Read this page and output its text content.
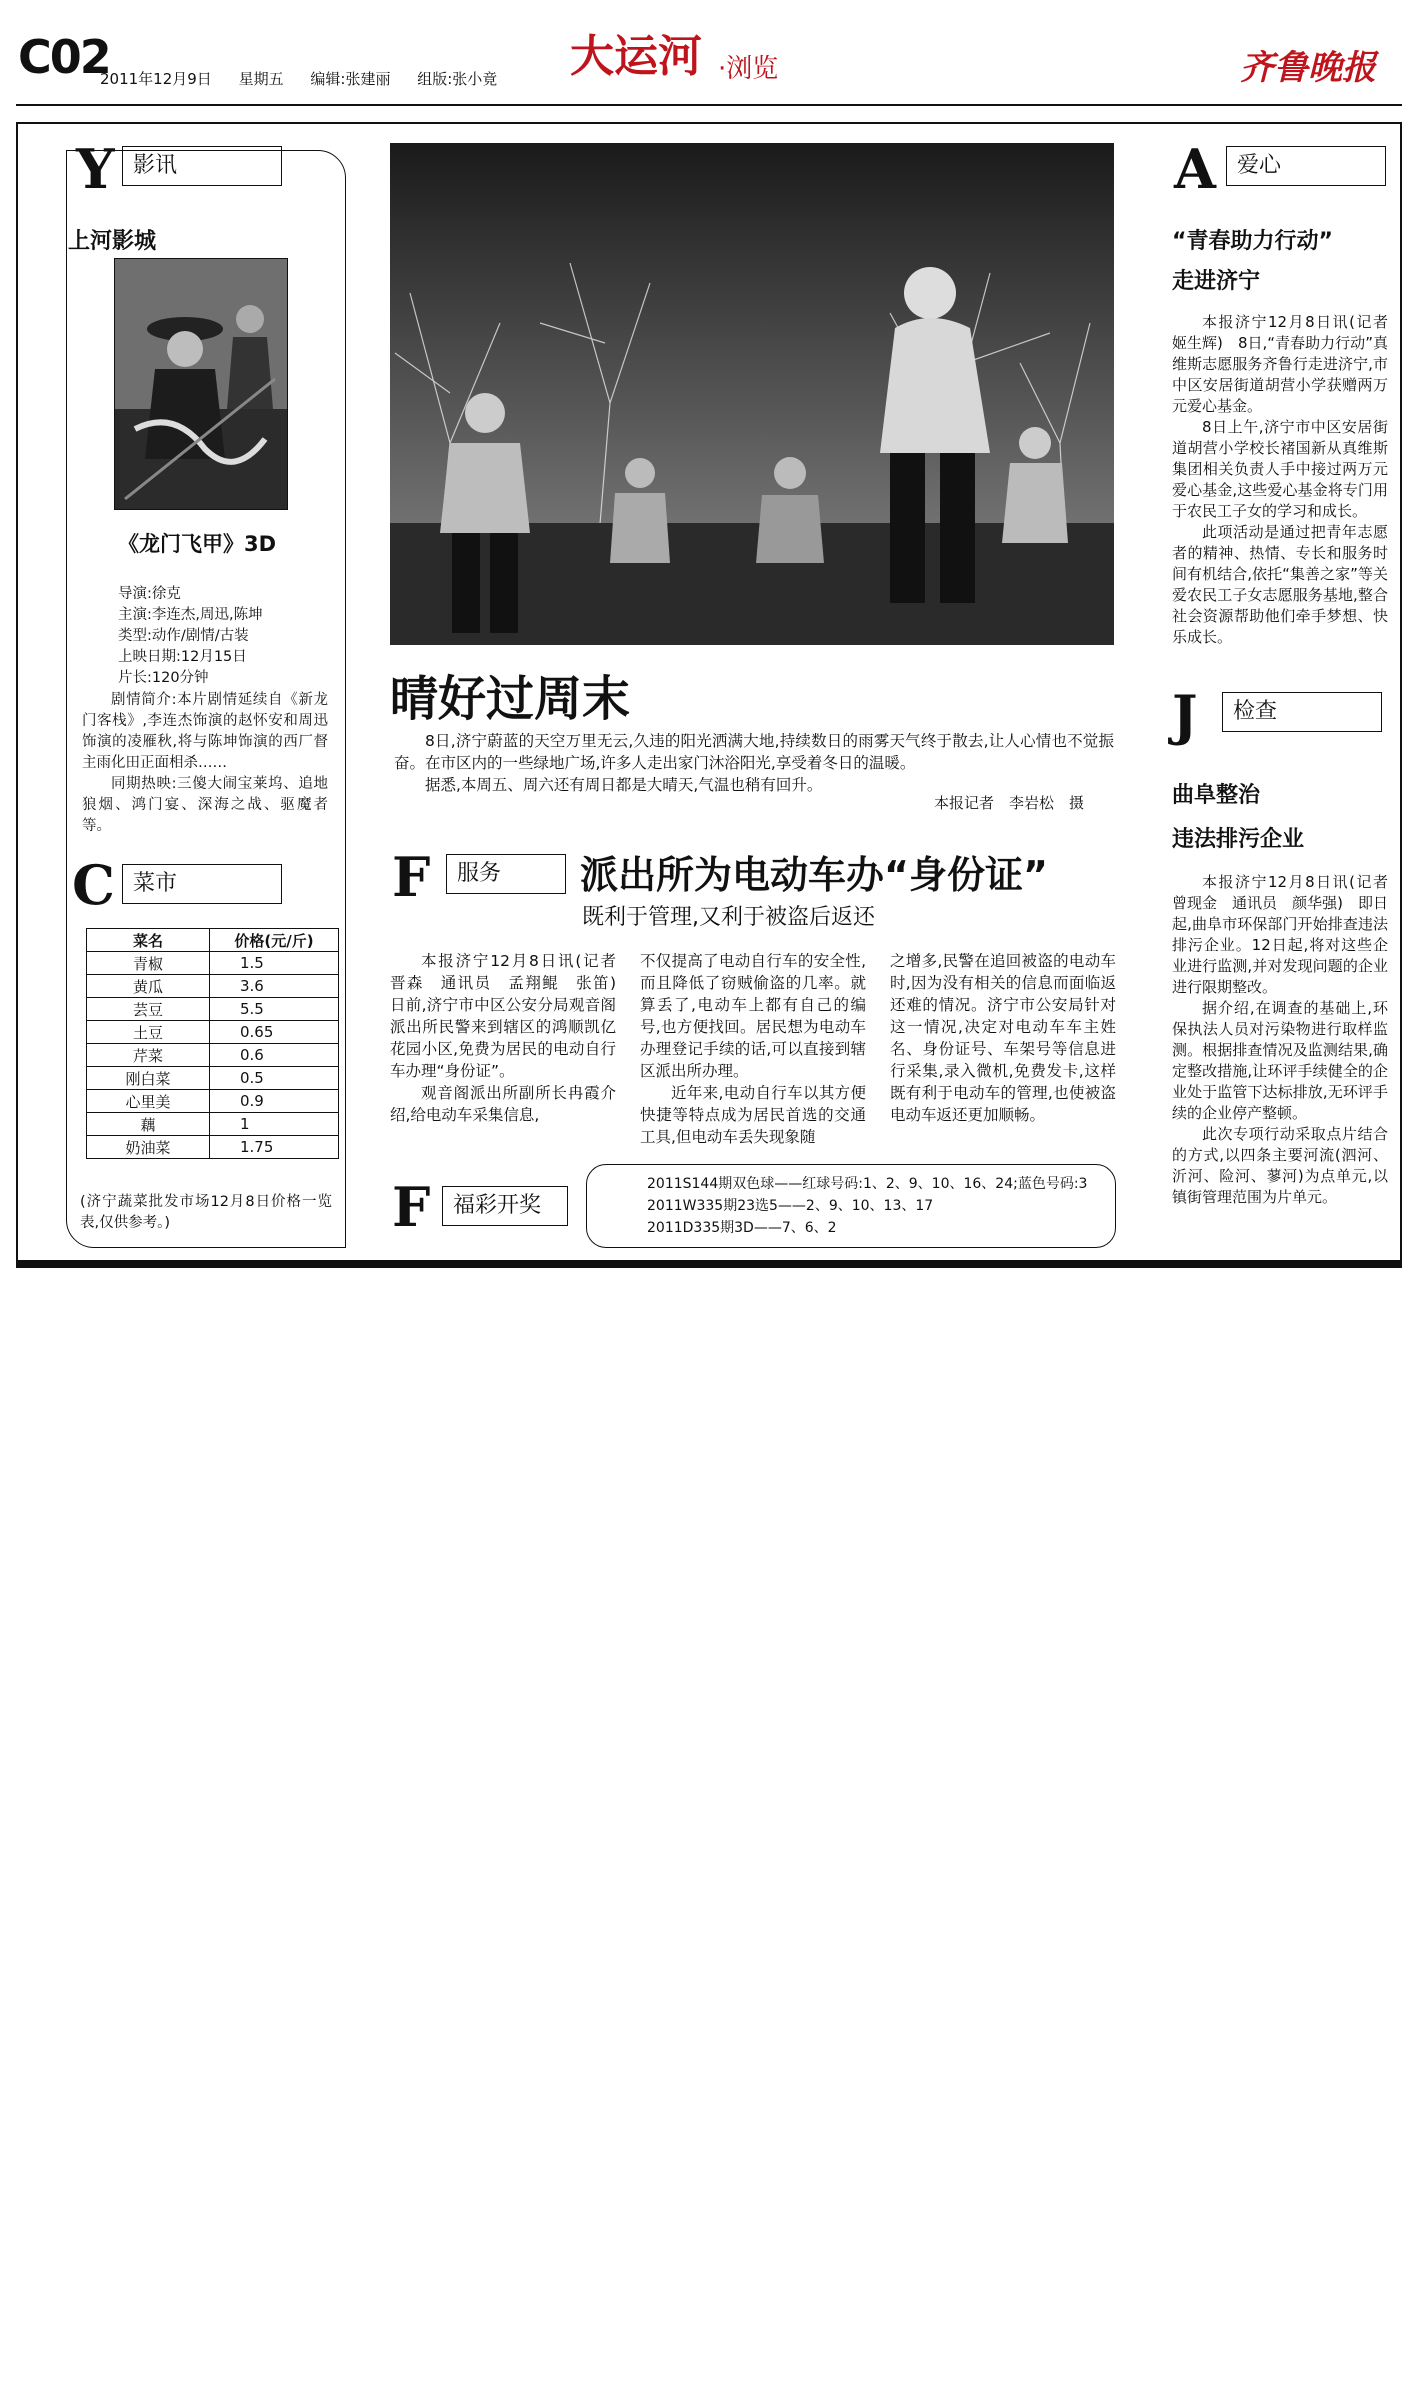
C02
2011年12月9日 星期五 编辑:张建丽 组版:张小竟	大运河 ·浏览	齐鲁晚报
Y 影讯
上河影城
《龙门飞甲》3D
导演:徐克
主演:李连杰,周迅,陈坤
类型:动作/剧情/古装
上映日期:12月15日
片长:120分钟

剧情简介:本片剧情延续自《新龙门客栈》,李连杰饰演的赵怀安和周迅饰演的凌雁秋,将与陈坤饰演的西厂督主雨化田正面相杀……

同期热映:三傻大闹宝莱坞、追地狼烟、鸿门宴、深海之战、驱魔者等。

C 菜市
菜名	价格(元/斤)
青椒	1.5
黄瓜	3.6
芸豆	5.5
土豆	0.65
芹菜	0.6
刚白菜	0.5
心里美	0.9
藕	1
奶油菜	1.75
(济宁蔬菜批发市场12月8日价格一览表,仅供参考。)
晴好过周末

8日,济宁蔚蓝的天空万里无云,久违的阳光洒满大地,持续数日的雨雾天气终于散去,让人心情也不觉振奋。在市区内的一些绿地广场,许多人走出家门沐浴阳光,享受着冬日的温暖。

据悉,本周五、周六还有周日都是大晴天,气温也稍有回升。

本报记者　李岩松　摄
F	服务	派出所为电动车办“身份证”
既利于管理,又利于被盗后返还

本报济宁12月8日讯(记者　晋森　通讯员　孟翔鲲　张笛)　日前,济宁市中区公安分局观音阁派出所民警来到辖区的鸿顺凯亿花园小区,免费为居民的电动自行车办理“身份证”。

观音阁派出所副所长冉霞介绍,给电动车采集信息,

不仅提高了电动自行车的安全性,而且降低了窃贼偷盗的几率。就算丢了,电动车上都有自己的编号,也方便找回。居民想为电动车办理登记手续的话,可以直接到辖区派出所办理。

近年来,电动自行车以其方便快捷等特点成为居民首选的交通工具,但电动车丢失现象随

之增多,民警在追回被盗的电动车时,因为没有相关的信息而面临返还难的情况。济宁市公安局针对这一情况,决定对电动车车主姓名、身份证号、车架号等信息进行采集,录入微机,免费发卡,这样既有利于电动车的管理,也使被盗电动车返还更加顺畅。

F	福彩开奖
2011S144期双色球——红球号码:1、2、9、10、16、24;蓝色号码:3
2011W335期23选5——2、9、10、13、17
2011D335期3D——7、6、2
A 爱心
“青春助力行动”
走进济宁

本报济宁12月8日讯(记者　姬生辉)　8日,“青春助力行动”真维斯志愿服务齐鲁行走进济宁,市中区安居街道胡营小学获赠两万元爱心基金。

8日上午,济宁市中区安居街道胡营小学校长褚国新从真维斯集团相关负责人手中接过两万元爱心基金,这些爱心基金将专门用于农民工子女的学习和成长。

此项活动是通过把青年志愿者的精神、热情、专长和服务时间有机结合,依托“集善之家”等关爱农民工子女志愿服务基地,整合社会资源帮助他们牵手梦想、快乐成长。

J	检查
曲阜整治
违法排污企业

本报济宁12月8日讯(记者　曾现金　通讯员　颜华强)　即日起,曲阜市环保部门开始排查违法排污企业。12日起,将对这些企业进行监测,并对发现问题的企业进行限期整改。

据介绍,在调查的基础上,环保执法人员对污染物进行取样监测。根据排查情况及监测结果,确定整改措施,让环评手续健全的企业处于监管下达标排放,无环评手续的企业停产整顿。

此次专项行动采取点片结合的方式,以四条主要河流(泗河、沂河、险河、蓼河)为点单元,以镇街管理范围为片单元。
